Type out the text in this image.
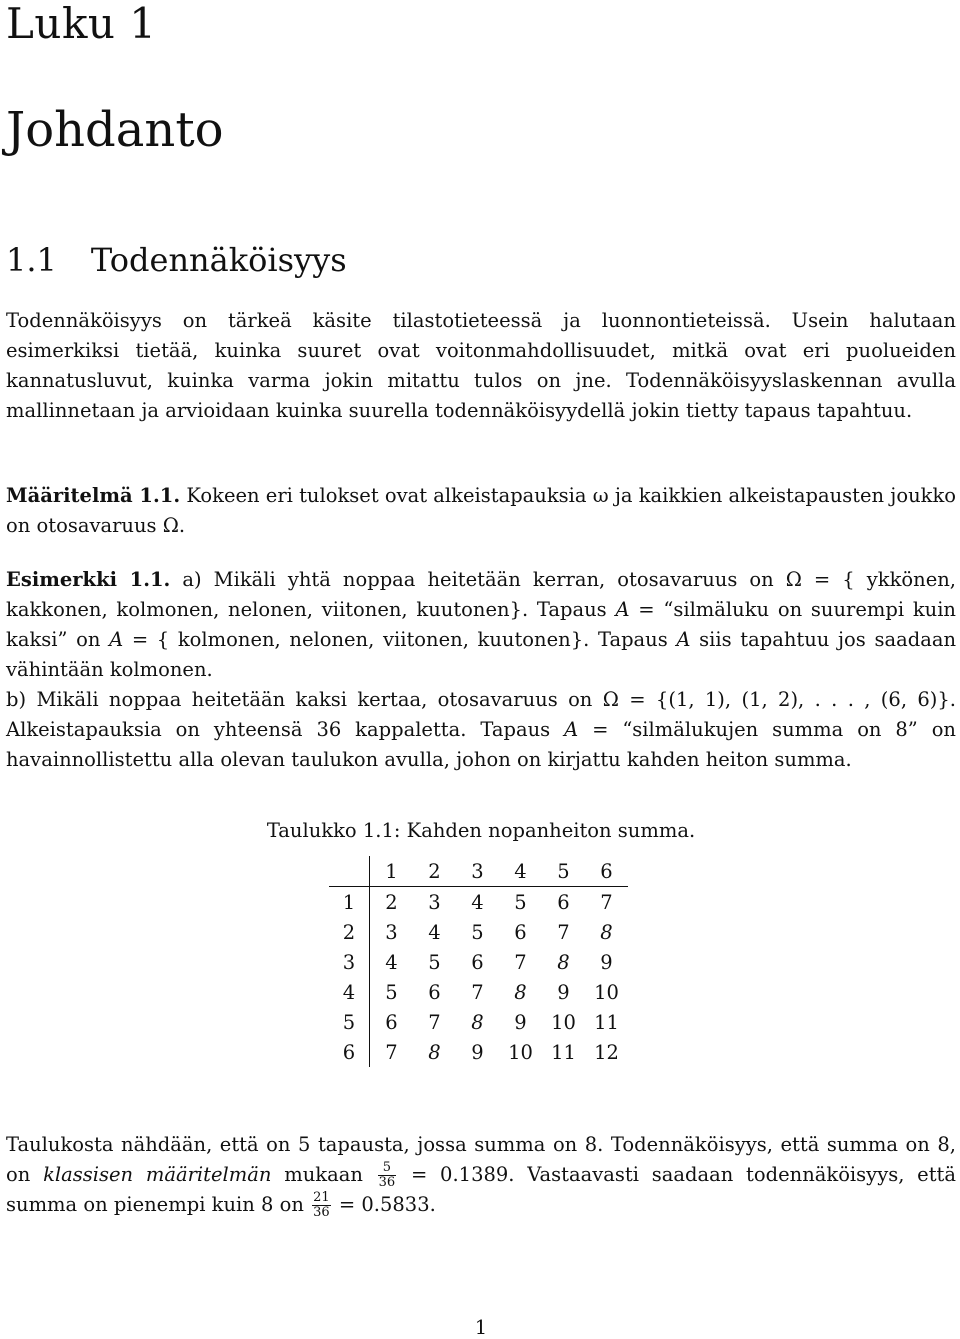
Luku 1
Johdanto
1.1 Todennäköisyys

Todennäköisyys on tärkeä käsite tilastotieteessä ja luonnontieteissä. Usein halutaan esimerkiksi tietää, kuinka suuret ovat voitonmahdollisuudet, mitkä ovat eri puolueiden kannatusluvut, kuinka varma jokin mitattu tulos on jne. Todennäköisyyslaskennan avulla mallinnetaan ja arvioidaan kuinka suurella todennäköisyydellä jokin tietty tapaus tapahtuu.

Määritelmä 1.1. Kokeen eri tulokset ovat alkeistapauksia ω ja kaikkien alkeistapausten joukko on otosavaruus Ω.

Esimerkki 1.1. a) Mikäli yhtä noppaa heitetään kerran, otosavaruus on Ω = { ykkönen, kakkonen, kolmonen, nelonen, viitonen, kuutonen}. Tapaus A = “silmäluku on suurempi kuin kaksi” on A = { kolmonen, nelonen, viitonen, kuutonen}. Tapaus A siis tapahtuu jos saadaan vähintään kolmonen.
b) Mikäli noppaa heitetään kaksi kertaa, otosavaruus on Ω = {(1, 1), (1, 2), . . . , (6, 6)}. Alkeistapauksia on yhteensä 36 kappaletta. Tapaus A = “silmälukujen summa on 8” on havainnollistettu alla olevan taulukon avulla, johon on kirjattu kahden heiton summa.

Taulukko 1.1: Kahden nopanheiton summa.

	1	2	3	4	5	6
1	2	3	4	5	6	7
2	3	4	5	6	7	8
3	4	5	6	7	8	9
4	5	6	7	8	9	10
5	6	7	8	9	10	11
6	7	8	9	10	11	12

Taulukosta nähdään, että on 5 tapausta, jossa summa on 8. Todennäköisyys, että summa on 8, on klassisen määritelmän mukaan $\frac{5}{36} = 0.1389$. Vastaavasti saadaan todennäköisyys, että summa on pienempi kuin 8 on $\frac{21}{36} = 0.5833$.

1
